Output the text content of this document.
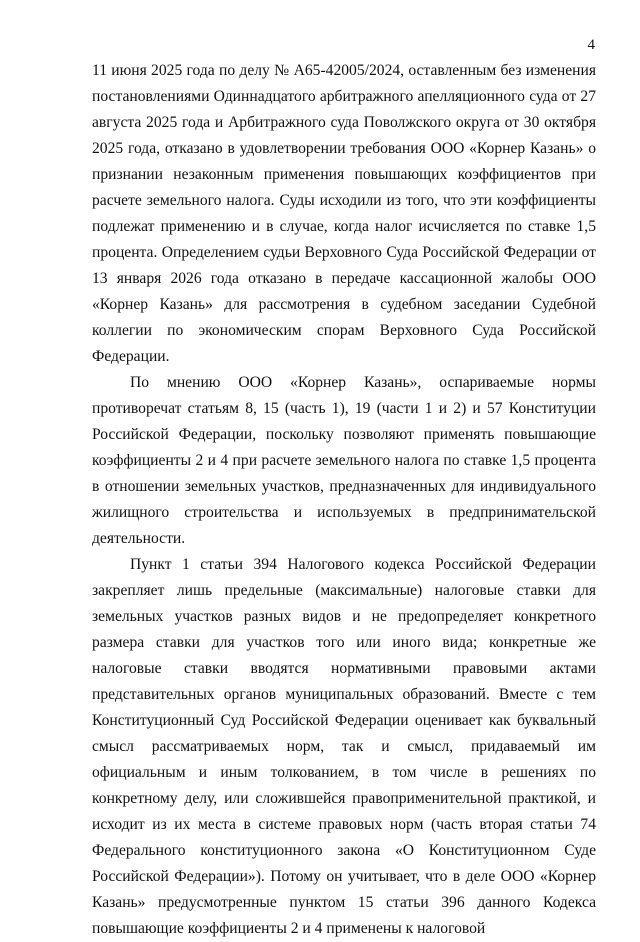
4

11 июня 2025 года по делу № А65-42005/2024, оставленным без изменения постановлениями Одиннадцатого арбитражного апелляционного суда от 27 августа 2025 года и Арбитражного суда Поволжского округа от 30 октября 2025 года, отказано в удовлетворении требования ООО «Корнер Казань» о признании незаконным применения повышающих коэффициентов при расчете земельного налога. Суды исходили из того, что эти коэффициенты подлежат применению и в случае, когда налог исчисляется по ставке 1,5 процента. Определением судьи Верховного Суда Российской Федерации от 13 января 2026 года отказано в передаче кассационной жалобы ООО «Корнер Казань» для рассмотрения в судебном заседании Судебной коллегии по экономическим спорам Верховного Суда Российской Федерации.

По мнению ООО «Корнер Казань», оспариваемые нормы противоречат статьям 8, 15 (часть 1), 19 (части 1 и 2) и 57 Конституции Российской Федерации, поскольку позволяют применять повышающие коэффициенты 2 и 4 при расчете земельного налога по ставке 1,5 процента в отношении земельных участков, предназначенных для индивидуального жилищного строительства и используемых в предпринимательской деятельности.

Пункт 1 статьи 394 Налогового кодекса Российской Федерации закрепляет лишь предельные (максимальные) налоговые ставки для земельных участков разных видов и не предопределяет конкретного размера ставки для участков того или иного вида; конкретные же налоговые ставки вводятся нормативными правовыми актами представительных органов муниципальных образований. Вместе с тем Конституционный Суд Российской Федерации оценивает как буквальный смысл рассматриваемых норм, так и смысл, придаваемый им официальным и иным толкованием, в том числе в решениях по конкретному делу, или сложившейся правоприменительной практикой, и исходит из их места в системе правовых норм (часть вторая статьи 74 Федерального конституционного закона «О Конституционном Суде Российской Федерации»). Потому он учитывает, что в деле ООО «Корнер Казань» предусмотренные пунктом 15 статьи 396 данного Кодекса повышающие коэффициенты 2 и 4 применены к налоговой
